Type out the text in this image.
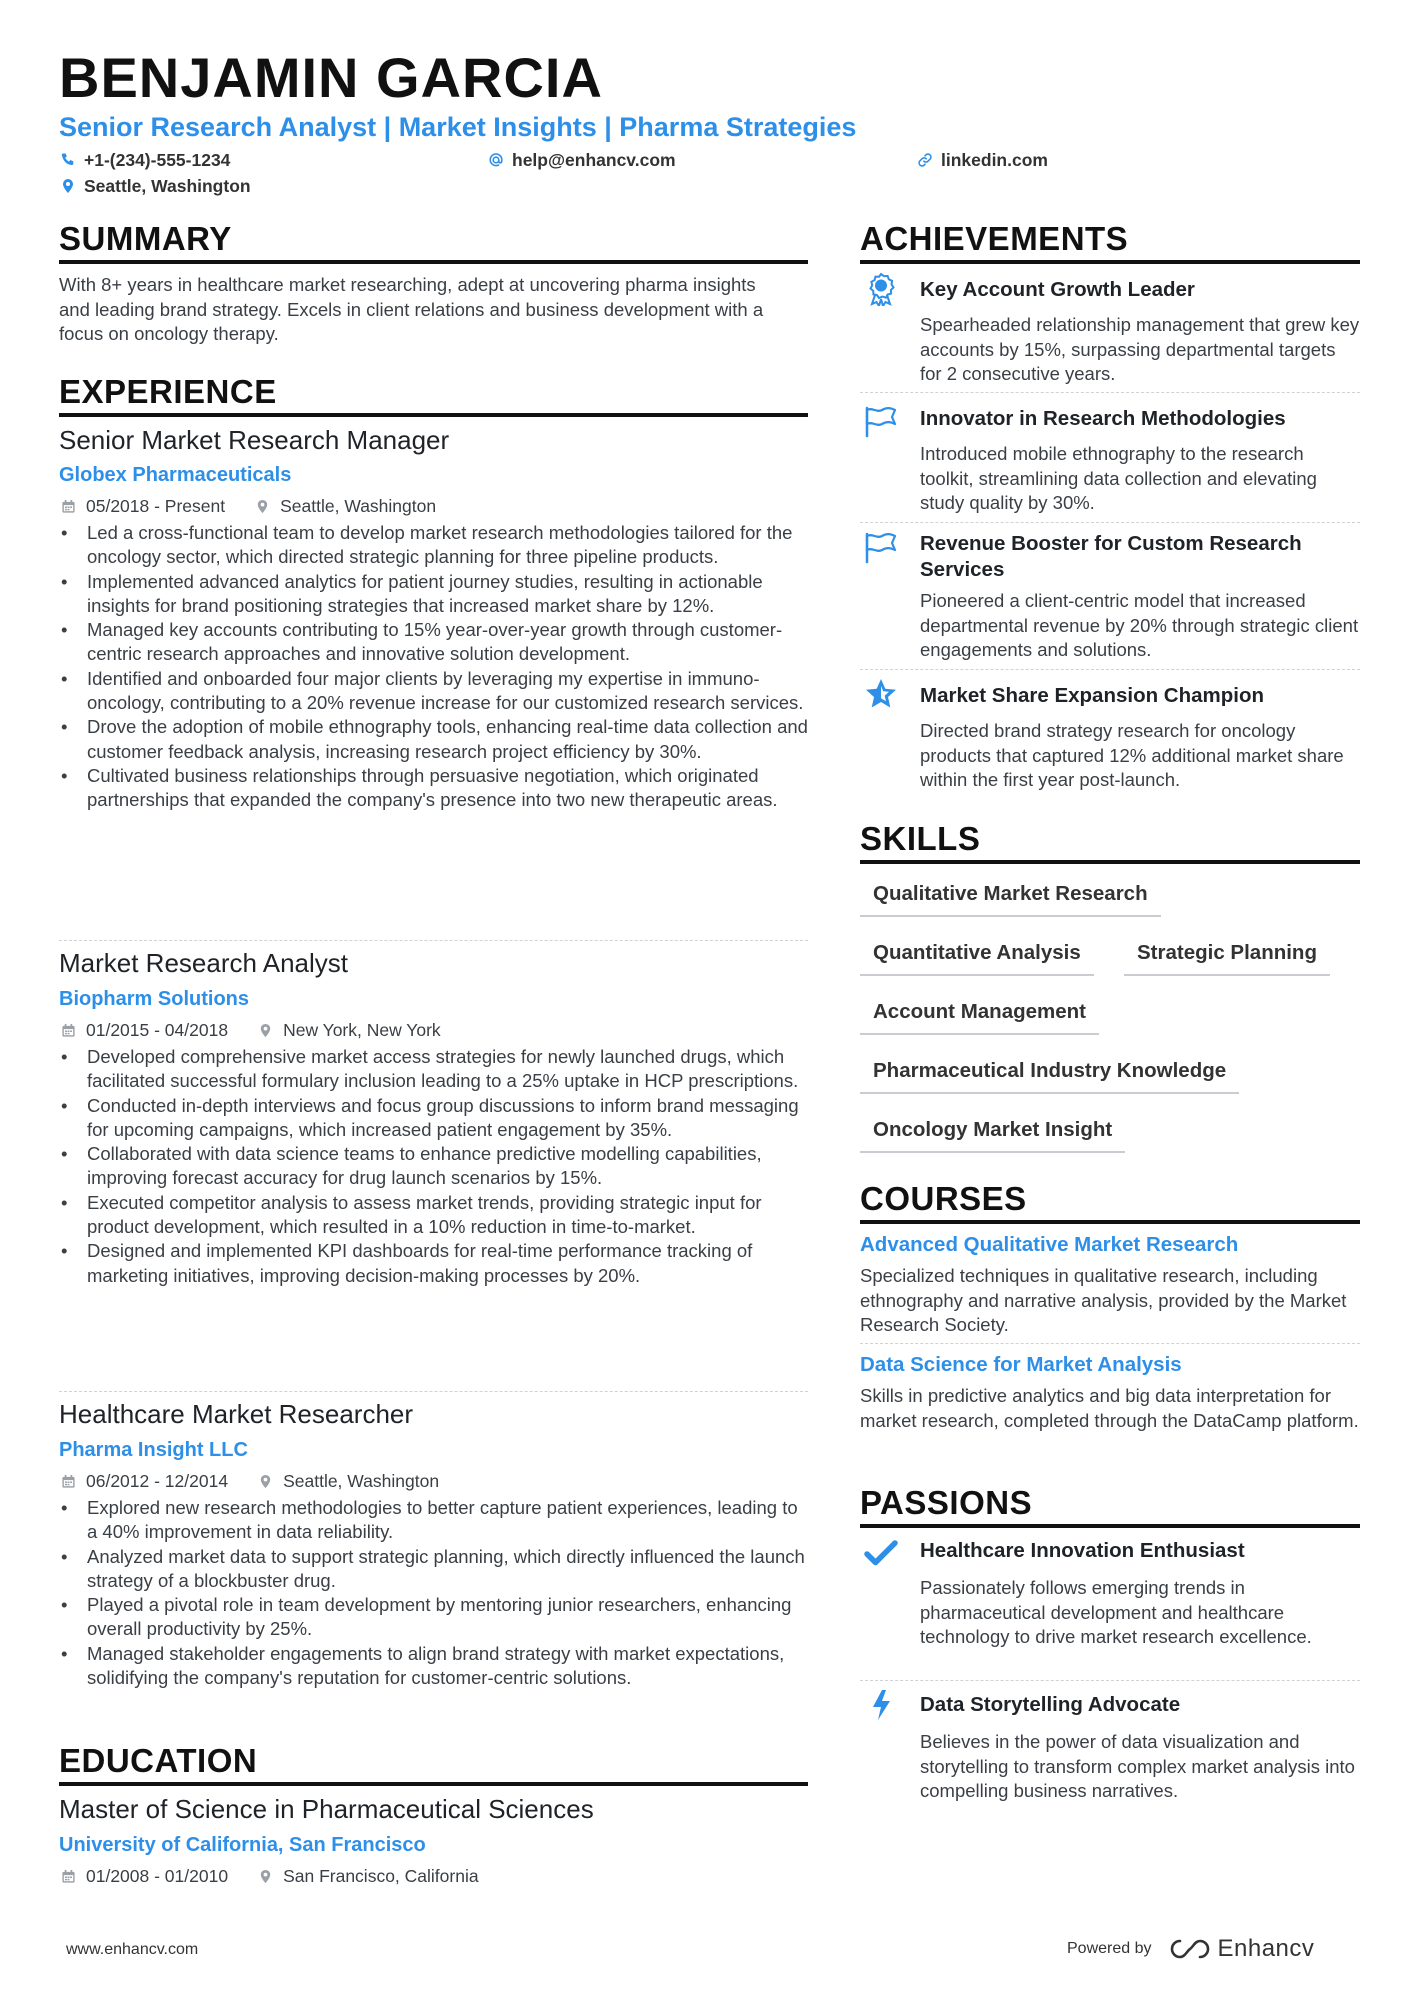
BENJAMIN GARCIA
Senior Research Analyst | Market Insights | Pharma Strategies
+1-(234)-555-1234	help@enhancv.com	linkedin.com
Seattle, Washington
SUMMARY
With 8+ years in healthcare market researching, adept at uncovering pharma insights and leading brand strategy. Excels in client relations and business development with a focus on oncology therapy.
EXPERIENCE
Senior Market Research Manager
Globex Pharmaceuticals
05/2018 - Present	Seattle, Washington
• Led a cross-functional team to develop market research methodologies tailored for the oncology sector, which directed strategic planning for three pipeline products.
• Implemented advanced analytics for patient journey studies, resulting in actionable insights for brand positioning strategies that increased market share by 12%.
• Managed key accounts contributing to 15% year-over-year growth through customer-centric research approaches and innovative solution development.
• Identified and onboarded four major clients by leveraging my expertise in immuno-oncology, contributing to a 20% revenue increase for our customized research services.
• Drove the adoption of mobile ethnography tools, enhancing real-time data collection and customer feedback analysis, increasing research project efficiency by 30%.
• Cultivated business relationships through persuasive negotiation, which originated partnerships that expanded the company's presence into two new therapeutic areas.
Market Research Analyst
Biopharm Solutions
01/2015 - 04/2018	New York, New York
• Developed comprehensive market access strategies for newly launched drugs, which facilitated successful formulary inclusion leading to a 25% uptake in HCP prescriptions.
• Conducted in-depth interviews and focus group discussions to inform brand messaging for upcoming campaigns, which increased patient engagement by 35%.
• Collaborated with data science teams to enhance predictive modelling capabilities, improving forecast accuracy for drug launch scenarios by 15%.
• Executed competitor analysis to assess market trends, providing strategic input for product development, which resulted in a 10% reduction in time-to-market.
• Designed and implemented KPI dashboards for real-time performance tracking of marketing initiatives, improving decision-making processes by 20%.
Healthcare Market Researcher
Pharma Insight LLC
06/2012 - 12/2014	Seattle, Washington
• Explored new research methodologies to better capture patient experiences, leading to a 40% improvement in data reliability.
• Analyzed market data to support strategic planning, which directly influenced the launch strategy of a blockbuster drug.
• Played a pivotal role in team development by mentoring junior researchers, enhancing overall productivity by 25%.
• Managed stakeholder engagements to align brand strategy with market expectations, solidifying the company's reputation for customer-centric solutions.
EDUCATION
Master of Science in Pharmaceutical Sciences
University of California, San Francisco
01/2008 - 01/2010	San Francisco, California
ACHIEVEMENTS
Key Account Growth Leader
Spearheaded relationship management that grew key accounts by 15%, surpassing departmental targets for 2 consecutive years.
Innovator in Research Methodologies
Introduced mobile ethnography to the research toolkit, streamlining data collection and elevating study quality by 30%.
Revenue Booster for Custom Research Services
Pioneered a client-centric model that increased departmental revenue by 20% through strategic client engagements and solutions.
Market Share Expansion Champion
Directed brand strategy research for oncology products that captured 12% additional market share within the first year post-launch.
SKILLS
Qualitative Market Research
Quantitative Analysis	Strategic Planning
Account Management
Pharmaceutical Industry Knowledge
Oncology Market Insight
COURSES
Advanced Qualitative Market Research
Specialized techniques in qualitative research, including ethnography and narrative analysis, provided by the Market Research Society.
Data Science for Market Analysis
Skills in predictive analytics and big data interpretation for market research, completed through the DataCamp platform.
PASSIONS
Healthcare Innovation Enthusiast
Passionately follows emerging trends in pharmaceutical development and healthcare technology to drive market research excellence.
Data Storytelling Advocate
Believes in the power of data visualization and storytelling to transform complex market analysis into compelling business narratives.
www.enhancv.com	Powered by	Enhancv
